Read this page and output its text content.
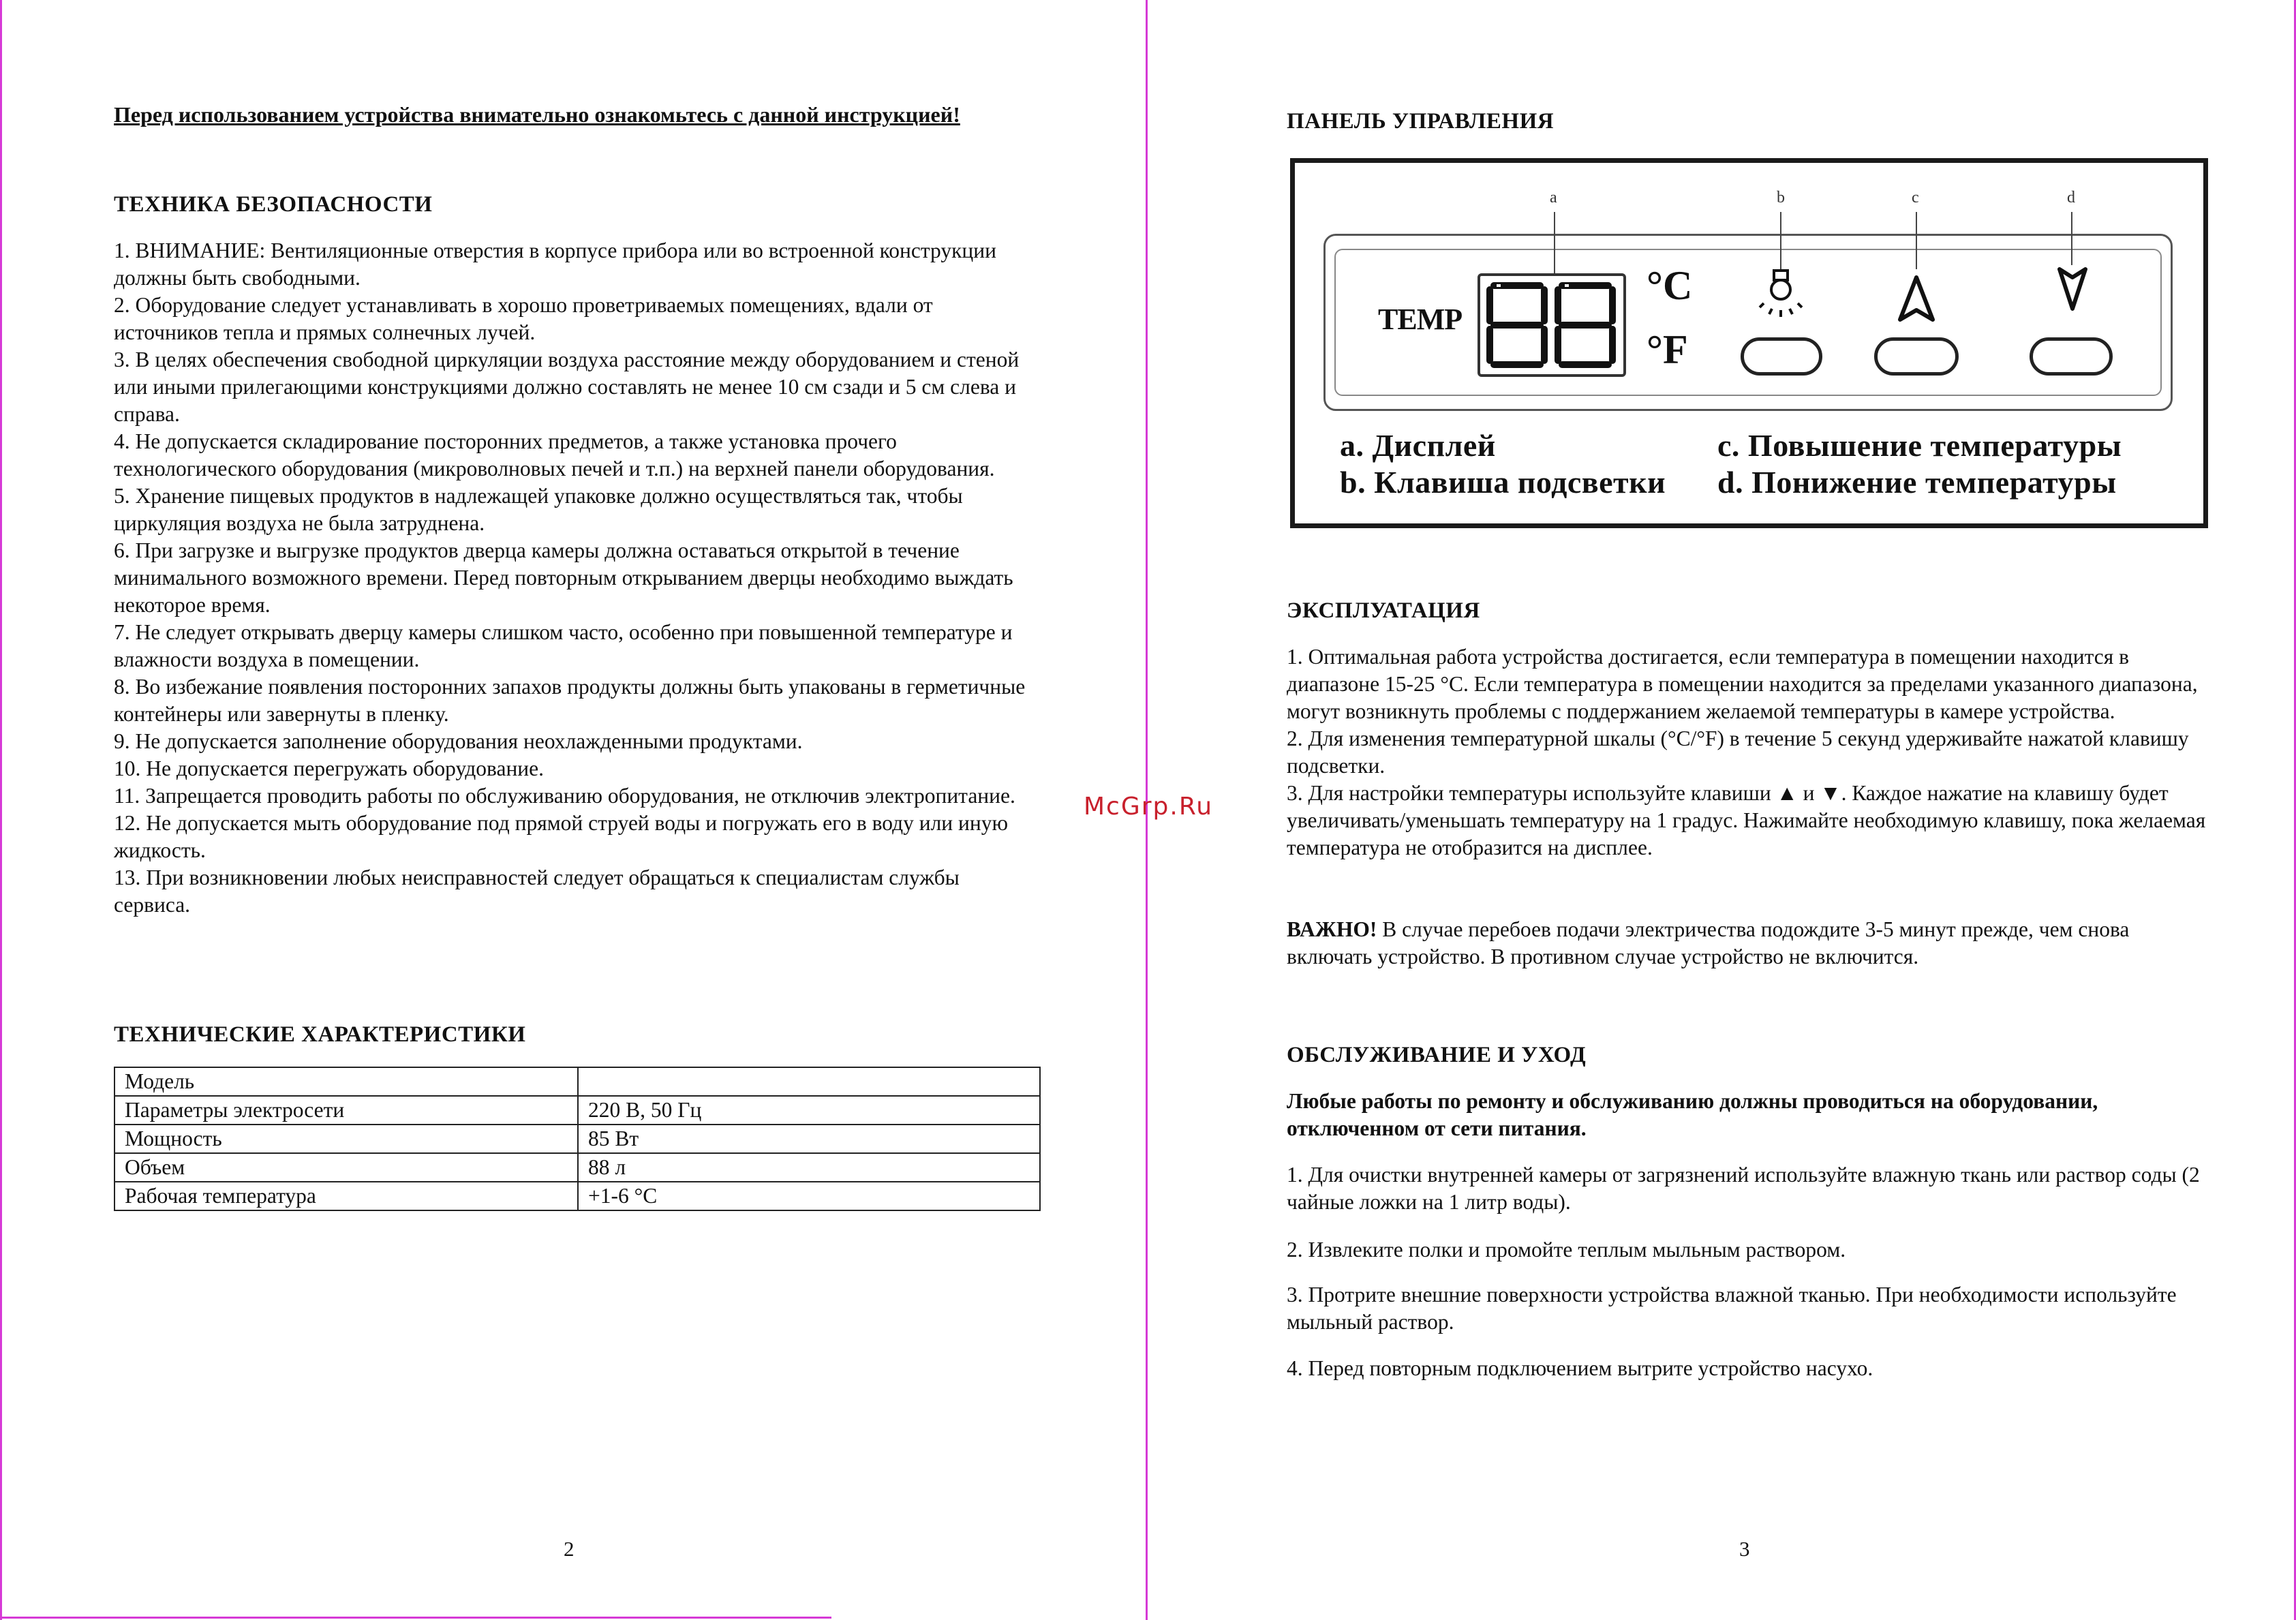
Перед использованием устройства внимательно ознакомьтесь с данной инструкцией!
ТЕХНИКА БЕЗОПАСНОСТИ
1. ВНИМАНИЕ: Вентиляционные отверстия в корпусе прибора или во встроенной конструкции должны быть свободными.
2. Оборудование следует устанавливать в хорошо проветриваемых помещениях, вдали от источников тепла и прямых солнечных лучей.
3. В целях обеспечения свободной циркуляции воздуха расстояние между оборудованием и стеной или иными прилегающими конструкциями должно составлять не менее 10 см сзади и 5 см слева и справа.
4. Не допускается складирование посторонних предметов, а также установка прочего технологического оборудования (микроволновых печей и т.п.) на верхней панели оборудования.
5. Хранение пищевых продуктов в надлежащей упаковке должно осуществляться так, чтобы циркуляция воздуха не была затруднена.
6. При загрузке и выгрузке продуктов дверца камеры должна оставаться открытой в течение минимального возможного времени. Перед повторным открыванием дверцы необходимо выждать некоторое время.
7. Не следует открывать дверцу камеры слишком часто, особенно при повышенной температуре и влажности воздуха в помещении.
8. Во избежание появления посторонних запахов продукты должны быть упакованы в герметичные контейнеры или завернуты в пленку.
9. Не допускается заполнение оборудования неохлажденными продуктами.
10. Не допускается перегружать оборудование.
11. Запрещается проводить работы по обслуживанию оборудования, не отключив электропитание.
12. Не допускается мыть оборудование под прямой струей воды и погружать его в воду или иную жидкость.
13. При возникновении любых неисправностей следует обращаться к специалистам службы сервиса.
ТЕХНИЧЕСКИЕ ХАРАКТЕРИСТИКИ
Модель	
Параметры электросети	220 В, 50 Гц
Мощность	85 Вт
Объем	88 л
Рабочая температура	+1-6 °С
2
McGrp.Ru
ПАНЕЛЬ УПРАВЛЕНИЯ
ЭКСПЛУАТАЦИЯ
1. Оптимальная работа устройства достигается, если температура в помещении находится в диапазоне 15-25 °С. Если температура в помещении находится за пределами указанного диапазона, могут возникнуть проблемы с поддержанием желаемой температуры в камере устройства.
2. Для изменения температурной шкалы (°С/°F) в течение 5 секунд удерживайте нажатой клавишу подсветки.
3. Для настройки температуры используйте клавиши ▲ и ▼. Каждое нажатие на клавишу будет увеличивать/уменьшать температуру на 1 градус. Нажимайте необходимую клавишу, пока желаемая температура не отобразится на дисплее.
ВАЖНО! В случае перебоев подачи электричества подождите 3-5 минут прежде, чем снова включать устройство. В противном случае устройство не включится.
ОБСЛУЖИВАНИЕ И УХОД
Любые работы по ремонту и обслуживанию должны проводиться на оборудовании, отключенном от сети питания.
1. Для очистки внутренней камеры от загрязнений используйте влажную ткань или раствор соды (2 чайные ложки на 1 литр воды).
2. Извлеките полки и промойте теплым мыльным раствором.
3. Протрите внешние поверхности устройства влажной тканью. При необходимости используйте мыльный раствор.
4. Перед повторным подключением вытрите устройство насухо.
3
a	b	c	d
TEMP
°C
°F
a. Дисплей
b. Клавиша подсветки
c. Повышение температуры
d. Понижение температуры
